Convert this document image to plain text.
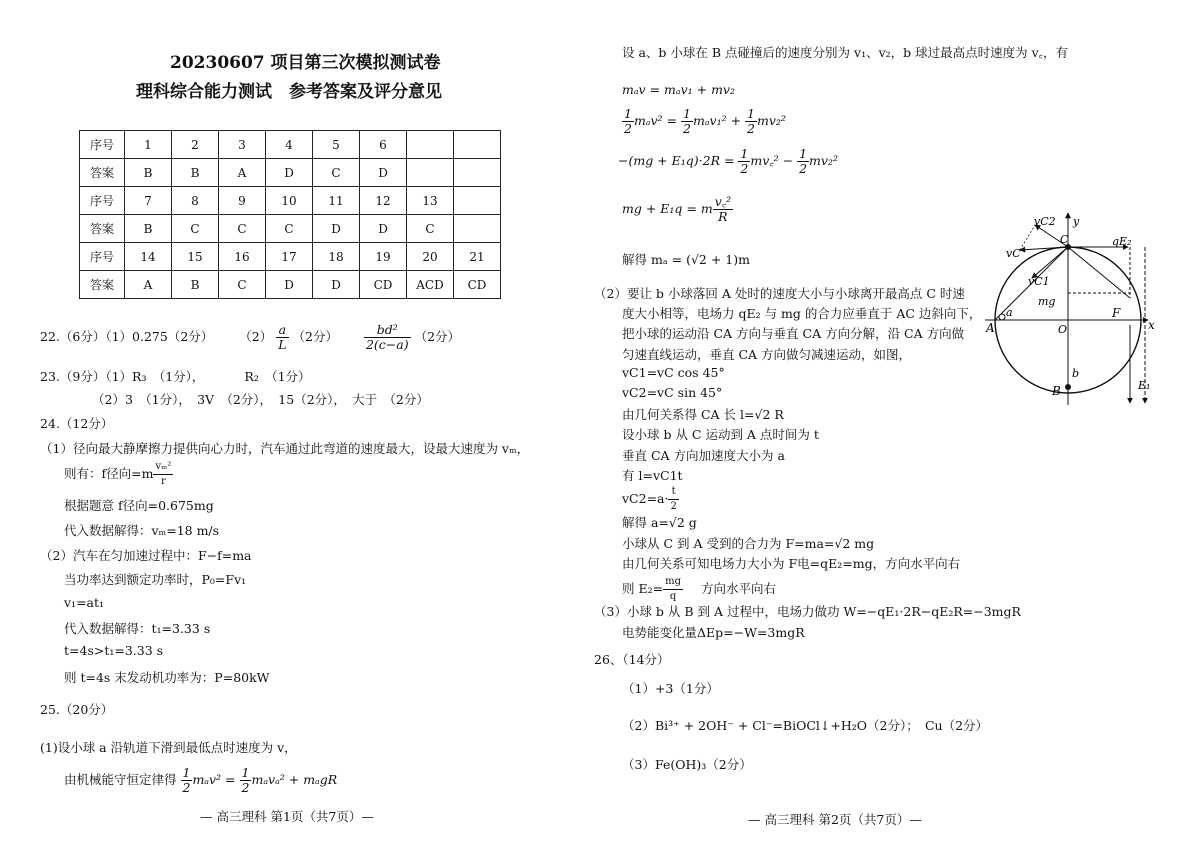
20230607 项目第三次模拟测试卷
理科综合能力测试　参考答案及评分意见
序号	1	2	3	4	5	6		
答案	B	B	A	D	C	D		
序号	7	8	9	10	11	12	13	
答案	B	C	C	C	D	D	C	
序号	14	15	16	17	18	19	20	21
答案	A	B	C	D	D	CD	ACD	CD
22.（6分）（1）0.275（2分） $(2) \frac{a}{L} (2$分） $\frac{\text{bd²}}{2(c-a)} (2$分）
23.（9分）（1）R₃　（1分），	R₂　（1分）
（2）3　（1分），　3V　（2分），　15（2分），　大于　（2分）
24.（12分）
（1）径向最大静摩擦力提供向心力时，汽车通过此弯道的速度最大，设最大速度为 vₘ，
则有：f径向$=m \frac{\text{vₘ²}}{r}$
根据题意 f径向=0.675mg
代入数据解得：vₘ=18 m/s
（2）汽车在匀加速过程中：F−f=ma
当功率达到额定功率时，P₀=Fv₁
v₁=at₁
代入数据解得：t₁=3.33 s
t=4s>t₁=3.33 s
则 t=4s 末发动机功率为：P=80kW
25.（20分）
(1)设小球 a 沿轨道下滑到最低点时速度为 v，
由机械能守恒定律得 $\frac{1}{2} m_av^2 = \frac{1}{2} m_av_a^2 + m_agR$
— 高三理科 第1页（共7页）—
设 a、b 小球在 B 点碰撞后的速度分别为 v₁、v₂，b 球过最高点时速度为 v꜀，有
mₐv = mₐv₁ + mv₂
$\frac{1}{2} m_av^2 = \frac{1}{2} m_av_1^2 + \frac{1}{2} mv_2^2$
$-(mg + E_1q)\cdot 2R = \frac{1}{2}$ mv꜀² − $\frac{1}{2} mv_2^2$
mg + E₁q = m $\frac{\text{v꜀²}}{R}$
解得 mₐ = (√2 + 1)m
（2）要让 b 小球落回 A 处时的速度大小与小球离开最高点 C 时速
度大小相等，电场力 qE₂ 与 mg 的合力应垂直于 AC 边斜向下，
把小球的运动沿 CA 方向与垂直 CA 方向分解，沿 CA 方向做
匀速直线运动，垂直 CA 方向做匀减速运动，如图，
vC1=vC cos 45°
vC2=vC sin 45°
由几何关系得 CA 长 l=√2 R
设小球 b 从 C 运动到 A 点时间为 t
垂直 CA 方向加速度大小为 a
有 l=vC1t
$vC2=a\cdot \frac{t}{2}$
解得 a=√2 g
小球从 C 到 A 受到的合力为 F=ma=√2 mg
由几何关系可知电场力大小为 F电=qE₂=mg，方向水平向右
则 $E_2= \frac{mg}{q}$ 方向水平向右
（3）小球 b 从 B 到 A 过程中，电场力做功 W=−qE₁·2R−qE₂R=−3mgR
电势能变化量ΔEp=−W=3mgR
26、（14分）
（1）+3（1分）
（2）Bi³⁺ + 2OH⁻ + Cl⁻=BiOCl↓+H₂O（2分）；　Cu（2分）
（3）Fe(OH)₃（2分）
— 高三理科 第2页（共7页）—
vC2 y
C	qE₂
vC
vC1
mg
A
a
O
F
x
b
B	E₁
